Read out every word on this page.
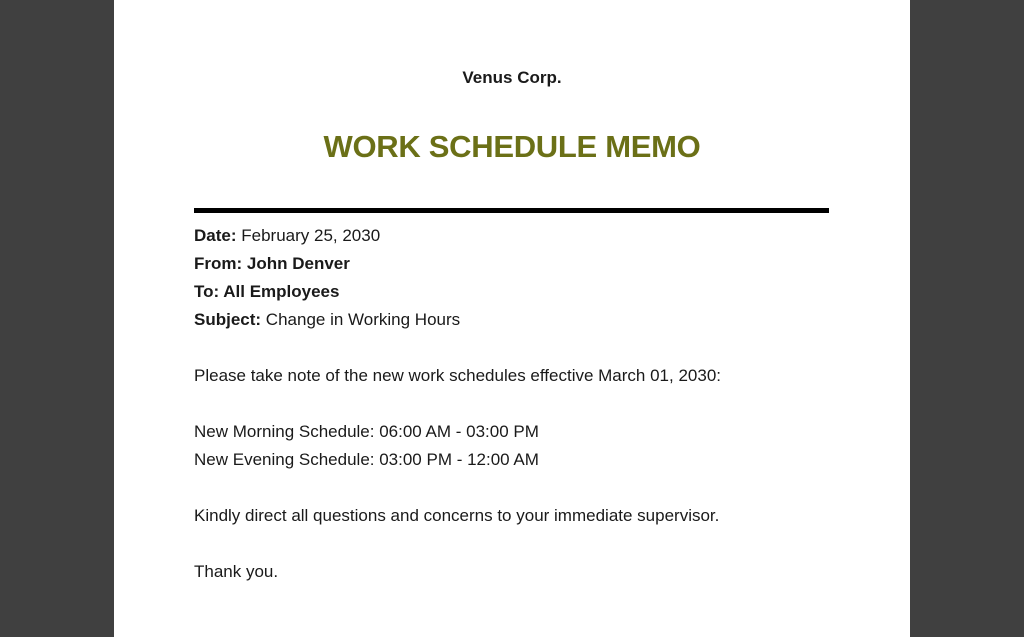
Venus Corp.
WORK SCHEDULE MEMO
Date: February 25, 2030
From: John Denver
To: All Employees
Subject: Change in Working Hours
Please take note of the new work schedules effective March 01, 2030:
New Morning Schedule: 06:00 AM - 03:00 PM
New Evening Schedule: 03:00 PM - 12:00 AM
Kindly direct all questions and concerns to your immediate supervisor.
Thank you.
